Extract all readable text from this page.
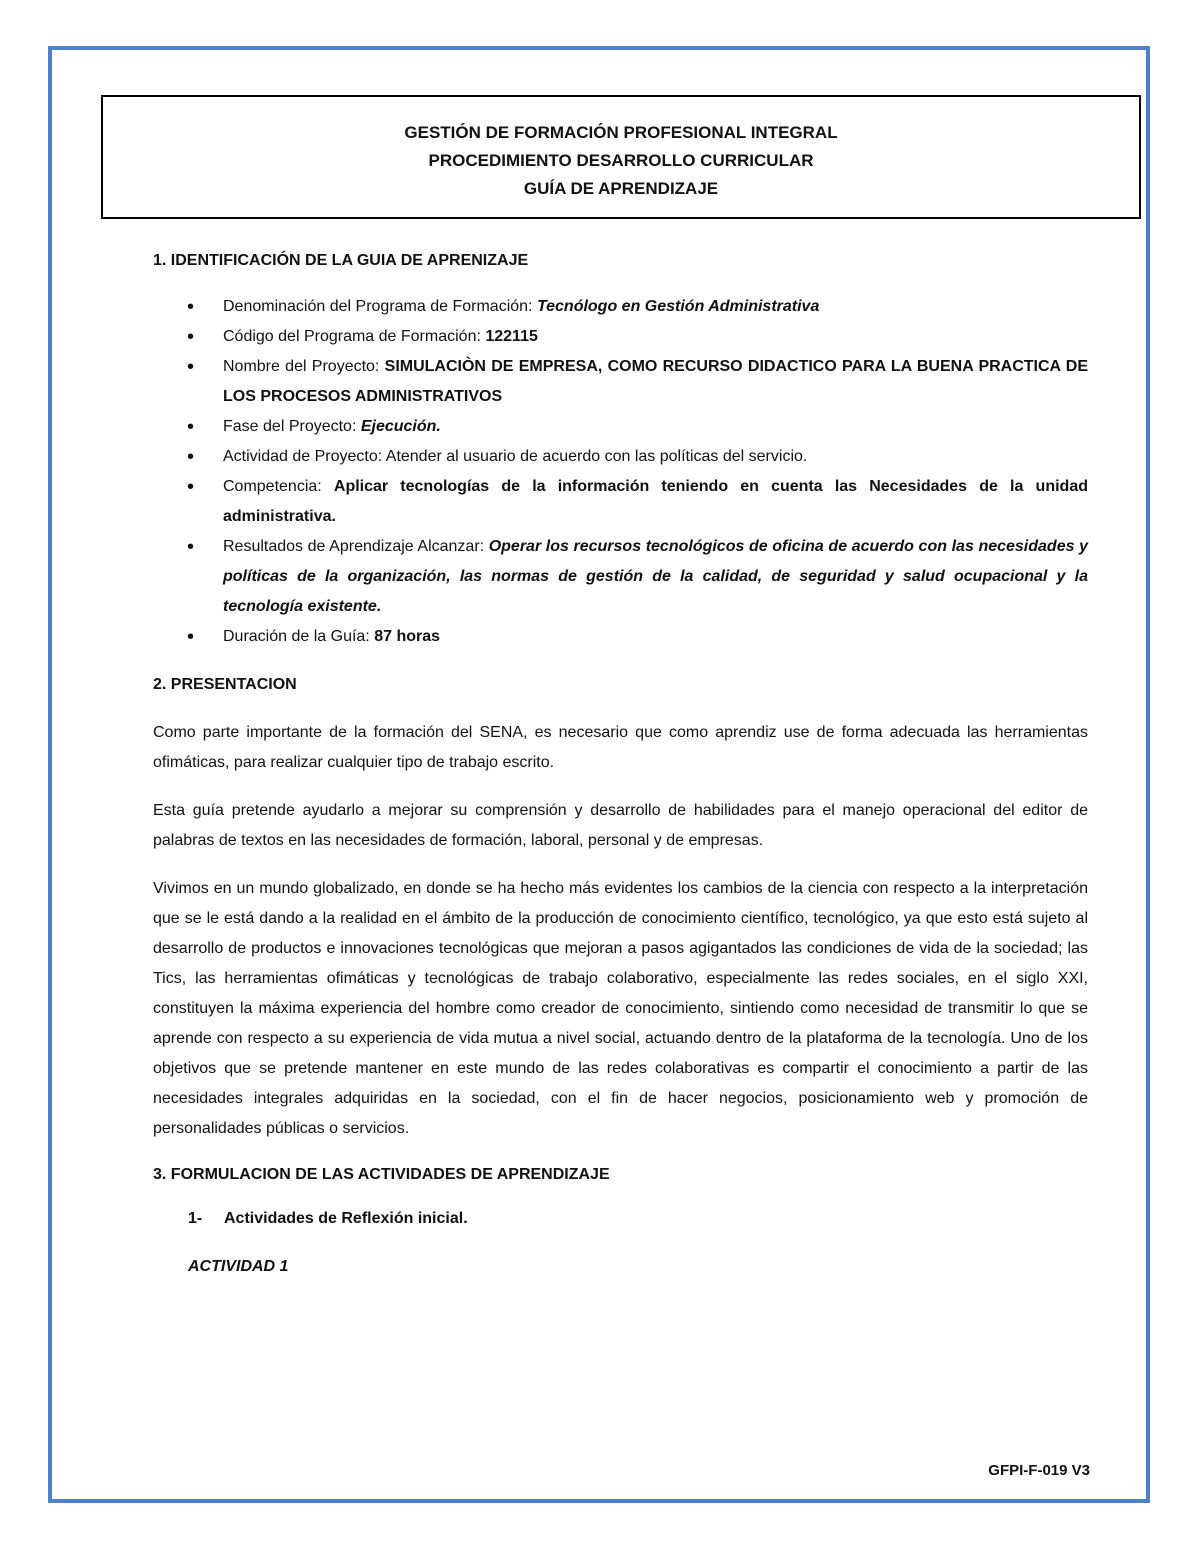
GESTIÓN DE FORMACIÓN PROFESIONAL INTEGRAL
PROCEDIMIENTO DESARROLLO CURRICULAR
GUÍA DE APRENDIZAJE
1. IDENTIFICACIÓN DE LA GUIA DE APRENIZAJE
• Denominación del Programa de Formación: Tecnólogo en Gestión Administrativa
• Código del Programa de Formación: 122115
• Nombre del Proyecto: SIMULACIÒN DE EMPRESA, COMO RECURSO DIDACTICO PARA LA BUENA PRACTICA DE LOS PROCESOS ADMINISTRATIVOS
• Fase del Proyecto: Ejecución.
• Actividad de Proyecto: Atender al usuario de acuerdo con las políticas del servicio.
• Competencia: Aplicar tecnologías de la información teniendo en cuenta las Necesidades de la unidad administrativa.
• Resultados de Aprendizaje Alcanzar: Operar los recursos tecnológicos de oficina de acuerdo con las necesidades y políticas de la organización, las normas de gestión de la calidad, de seguridad y salud ocupacional y la tecnología existente.
• Duración de la Guía: 87 horas
2. PRESENTACION

Como parte importante de la formación del SENA, es necesario que como aprendiz use de forma adecuada las herramientas ofimáticas, para realizar cualquier tipo de trabajo escrito.

Esta guía pretende ayudarlo a mejorar su comprensión y desarrollo de habilidades para el manejo operacional del editor de palabras de textos en las necesidades de formación, laboral, personal y de empresas.

Vivimos en un mundo globalizado, en donde se ha hecho más evidentes los cambios de la ciencia con respecto a la interpretación que se le está dando a la realidad en el ámbito de la producción de conocimiento científico, tecnológico, ya que esto está sujeto al desarrollo de productos e innovaciones tecnológicas que mejoran a pasos agigantados las condiciones de vida de la sociedad; las Tics, las herramientas ofimáticas y tecnológicas de trabajo colaborativo, especialmente las redes sociales, en el siglo XXI, constituyen la máxima experiencia del hombre como creador de conocimiento, sintiendo como necesidad de transmitir lo que se aprende con respecto a su experiencia de vida mutua a nivel social, actuando dentro de la plataforma de la tecnología. Uno de los objetivos que se pretende mantener en este mundo de las redes colaborativas es compartir el conocimiento a partir de las necesidades integrales adquiridas en la sociedad, con el fin de hacer negocios, posicionamiento web y promoción de personalidades públicas o servicios.

3. FORMULACION DE LAS ACTIVIDADES DE APRENDIZAJE
1- Actividades de Reflexión inicial.
ACTIVIDAD 1
GFPI-F-019 V3
